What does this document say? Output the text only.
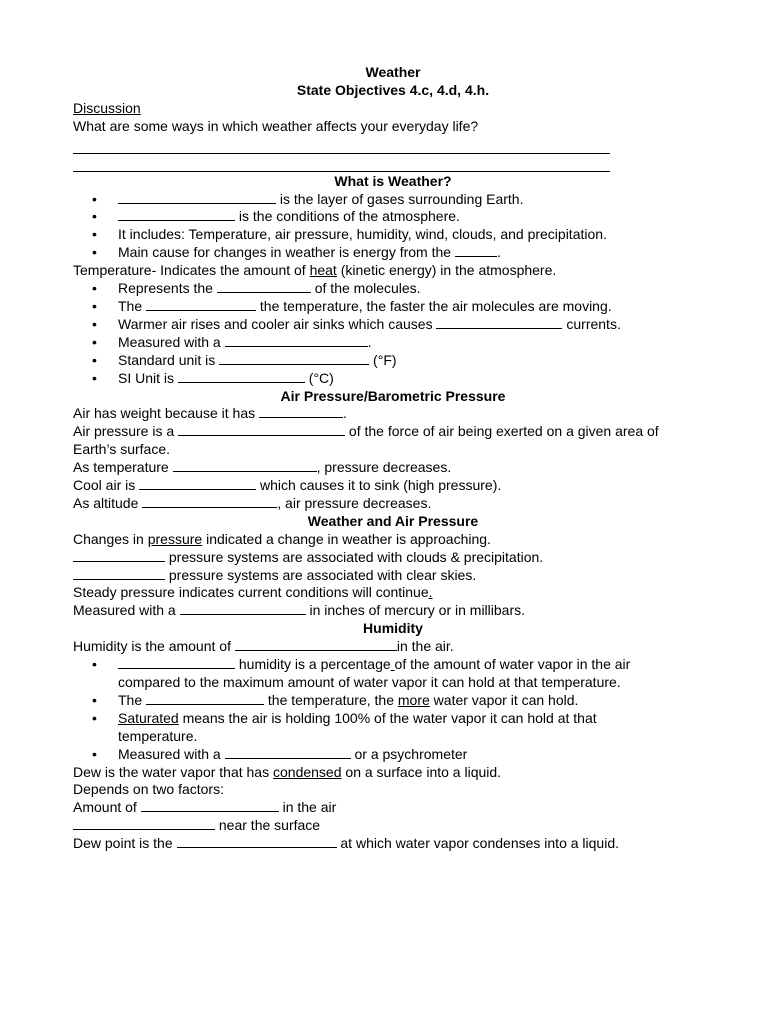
Weather
State Objectives 4.c, 4.d, 4.h.
Discussion
What are some ways in which weather affects your everyday life?
What is Weather?
• is the layer of gases surrounding Earth.
• is the conditions of the atmosphere.
• It includes: Temperature, air pressure, humidity, wind, clouds, and precipitation.
• Main cause for changes in weather is energy from the	.
Temperature- Indicates the amount of heat (kinetic energy) in the atmosphere.
• Represents the	of the molecules.
• The	the temperature, the faster the air molecules are moving.
• Warmer air rises and cooler air sinks which causes	currents.
• Measured with a	.
• Standard unit is	(°F)
• SI Unit is	(°C)
Air Pressure/Barometric Pressure
Air has weight because it has	.
Air pressure is a	of the force of air being exerted on a given area of
Earth’s surface.
As temperature	, pressure decreases.
Cool air is	which causes it to sink (high pressure).
As altitude	, air pressure decreases.
Weather and Air Pressure
Changes in pressure indicated a change in weather is approaching.
pressure systems are associated with clouds & precipitation.
pressure systems are associated with clear skies.
Steady pressure indicates current conditions will continue.
Measured with a	in inches of mercury or in millibars.
Humidity
Humidity is the amount of	in the air.
• humidity is a percentage of the amount of water vapor in the air
compared to the maximum amount of water vapor it can hold at that temperature.
• The	the temperature, the more water vapor it can hold.
• Saturated means the air is holding 100% of the water vapor it can hold at that
temperature.
• Measured with a	or a psychrometer
Dew is the water vapor that has condensed on a surface into a liquid.
Depends on two factors:
Amount of	in the air
near the surface
Dew point is the	at which water vapor condenses into a liquid.
